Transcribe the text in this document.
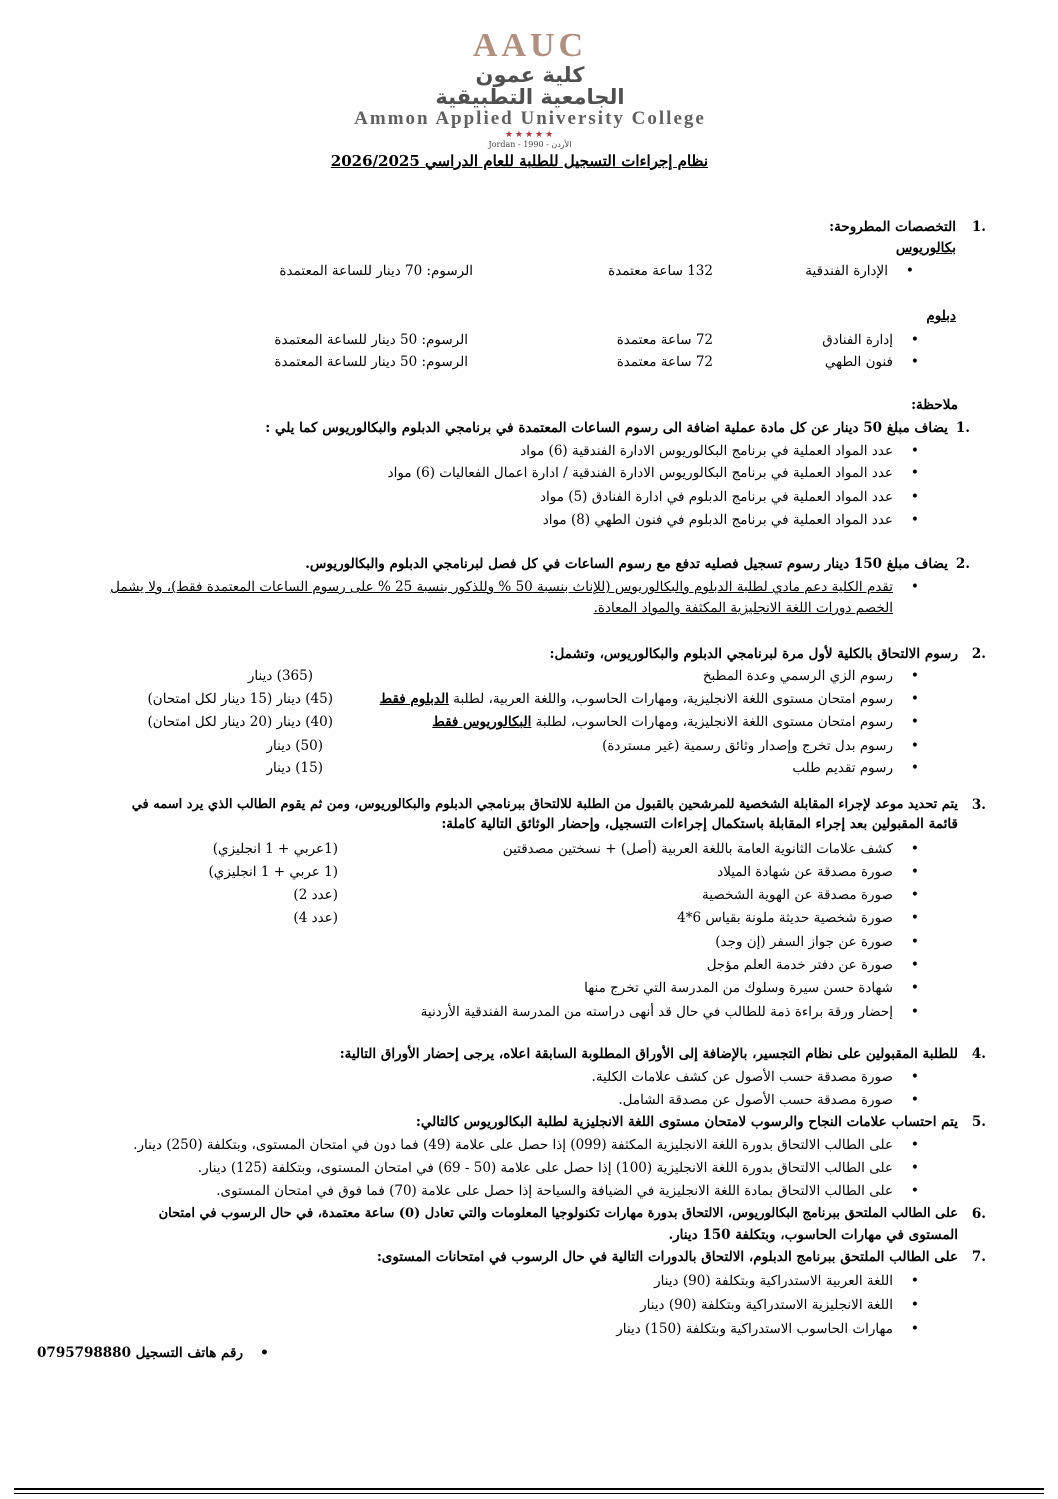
AAUC
كلية عمون
الجامعية التطبيقية
Ammon Applied University College
★★★★★
Jordan - 1990 - الأردن
نظام إجراءات التسجيل للطلبة للعام الدراسي 2026/2025
.1
التخصصات المطروحة:
بكالوريوس
• الإدارة الفندقية
132 ساعة معتمدة
الرسوم: 70 دينار للساعة المعتمدة
دبلوم
• إدارة الفنادق
72 ساعة معتمدة
الرسوم: 50 دينار للساعة المعتمدة
• فنون الطهي
72 ساعة معتمدة
الرسوم: 50 دينار للساعة المعتمدة
ملاحظة:
.1
يضاف مبلغ 50 دينار عن كل مادة عملية اضافة الى رسوم الساعات المعتمدة في برنامجي الدبلوم والبكالوريوس كما يلي :
• عدد المواد العملية في برنامج البكالوريوس الادارة الفندقية (6) مواد
• عدد المواد العملية في برنامج البكالوريوس الادارة الفندقية / ادارة اعمال الفعاليات (6) مواد
• عدد المواد العملية في برنامج الدبلوم في ادارة الفنادق (5) مواد
• عدد المواد العملية في برنامج الدبلوم في فنون الطهي (8) مواد
.2
يضاف مبلغ 150 دينار رسوم تسجيل فصليه تدفع مع رسوم الساعات في كل فصل لبرنامجي الدبلوم والبكالوريوس.
• تقدم الكلية دعم مادي لطلبة الدبلوم والبكالوريوس (للإناث بنسبة 50 % وللذكور بنسبة 25 % على رسوم الساعات المعتمدة فقط)، ولا يشمل
الخصم دورات اللغة الانجليزية المكثفة والمواد المعادة.
.2
رسوم الالتحاق بالكلية لأول مرة لبرنامجي الدبلوم والبكالوريوس، وتشمل:
• رسوم الزي الرسمي وعدة المطبخ
(365) دينار
• رسوم امتحان مستوى اللغة الانجليزية، ومهارات الحاسوب، واللغة العربية، لطلبة الدبلوم فقط
(45) دينار (15 دينار لكل امتحان)
• رسوم امتحان مستوى اللغة الانجليزية، ومهارات الحاسوب، لطلبة البكالوريوس فقط
(40) دينار (20 دينار لكل امتحان)
• رسوم بدل تخرج وإصدار وثائق رسمية (غير مستردة)
(50) دينار
• رسوم تقديم طلب
(15) دينار
.3
يتم تحديد موعد لإجراء المقابلة الشخصية للمرشحين بالقبول من الطلبة للالتحاق ببرنامجي الدبلوم والبكالوريوس، ومن ثم يقوم الطالب الذي يرد اسمه في
قائمة المقبولين بعد إجراء المقابلة باستكمال إجراءات التسجيل، وإحضار الوثائق التالية كاملة:
• كشف علامات الثانوية العامة باللغة العربية (أصل) + نسختين مصدقتين
(1عربي + 1 انجليزي)
• صورة مصدقة عن شهادة الميلاد
(1 عربي + 1 انجليزي)
• صورة مصدقة عن الهوية الشخصية
(عدد 2)
• صورة شخصية حديثة ملونة بقياس 6*4
(عدد 4)
• صورة عن جواز السفر (إن وجد)
• صورة عن دفتر خدمة العلم مؤجل
• شهادة حسن سيرة وسلوك من المدرسة التي تخرج منها
• إحضار ورقة براءة ذمة للطالب في حال قد أنهى دراسته من المدرسة الفندقية الأردنية
.4
للطلبة المقبولين على نظام التجسير، بالإضافة إلى الأوراق المطلوبة السابقة اعلاه، يرجى إحضار الأوراق التالية:
• صورة مصدقة حسب الأصول عن كشف علامات الكلية.
• صورة مصدقة حسب الأصول عن مصدقة الشامل.
.5
يتم احتساب علامات النجاح والرسوب لامتحان مستوى اللغة الانجليزية لطلبة البكالوريوس كالتالي:
• على الطالب الالتحاق بدورة اللغة الانجليزية المكثفة (099) إذا حصل على علامة (49) فما دون في امتحان المستوى، وبتكلفة (250) دينار.
• على الطالب الالتحاق بدورة اللغة الانجليزية (100) إذا حصل على علامة (50 - 69) في امتحان المستوى، وبتكلفة (125) دينار.
• على الطالب الالتحاق بمادة اللغة الانجليزية في الضيافة والسياحة إذا حصل على علامة (70) فما فوق في امتحان المستوى.
.6
على الطالب الملتحق ببرنامج البكالوريوس، الالتحاق بدورة مهارات تكنولوجيا المعلومات والتي تعادل (0) ساعة معتمدة، في حال الرسوب في امتحان
المستوى في مهارات الحاسوب، وبتكلفة 150 دينار.
.7
على الطالب الملتحق ببرنامج الدبلوم، الالتحاق بالدورات التالية في حال الرسوب في امتحانات المستوى:
• اللغة العربية الاستدراكية وبتكلفة (90) دينار
• اللغة الانجليزية الاستدراكية وبتكلفة (90) دينار
• مهارات الحاسوب الاستدراكية وبتكلفة (150) دينار
• رقم هاتف التسجيل 0795798880
